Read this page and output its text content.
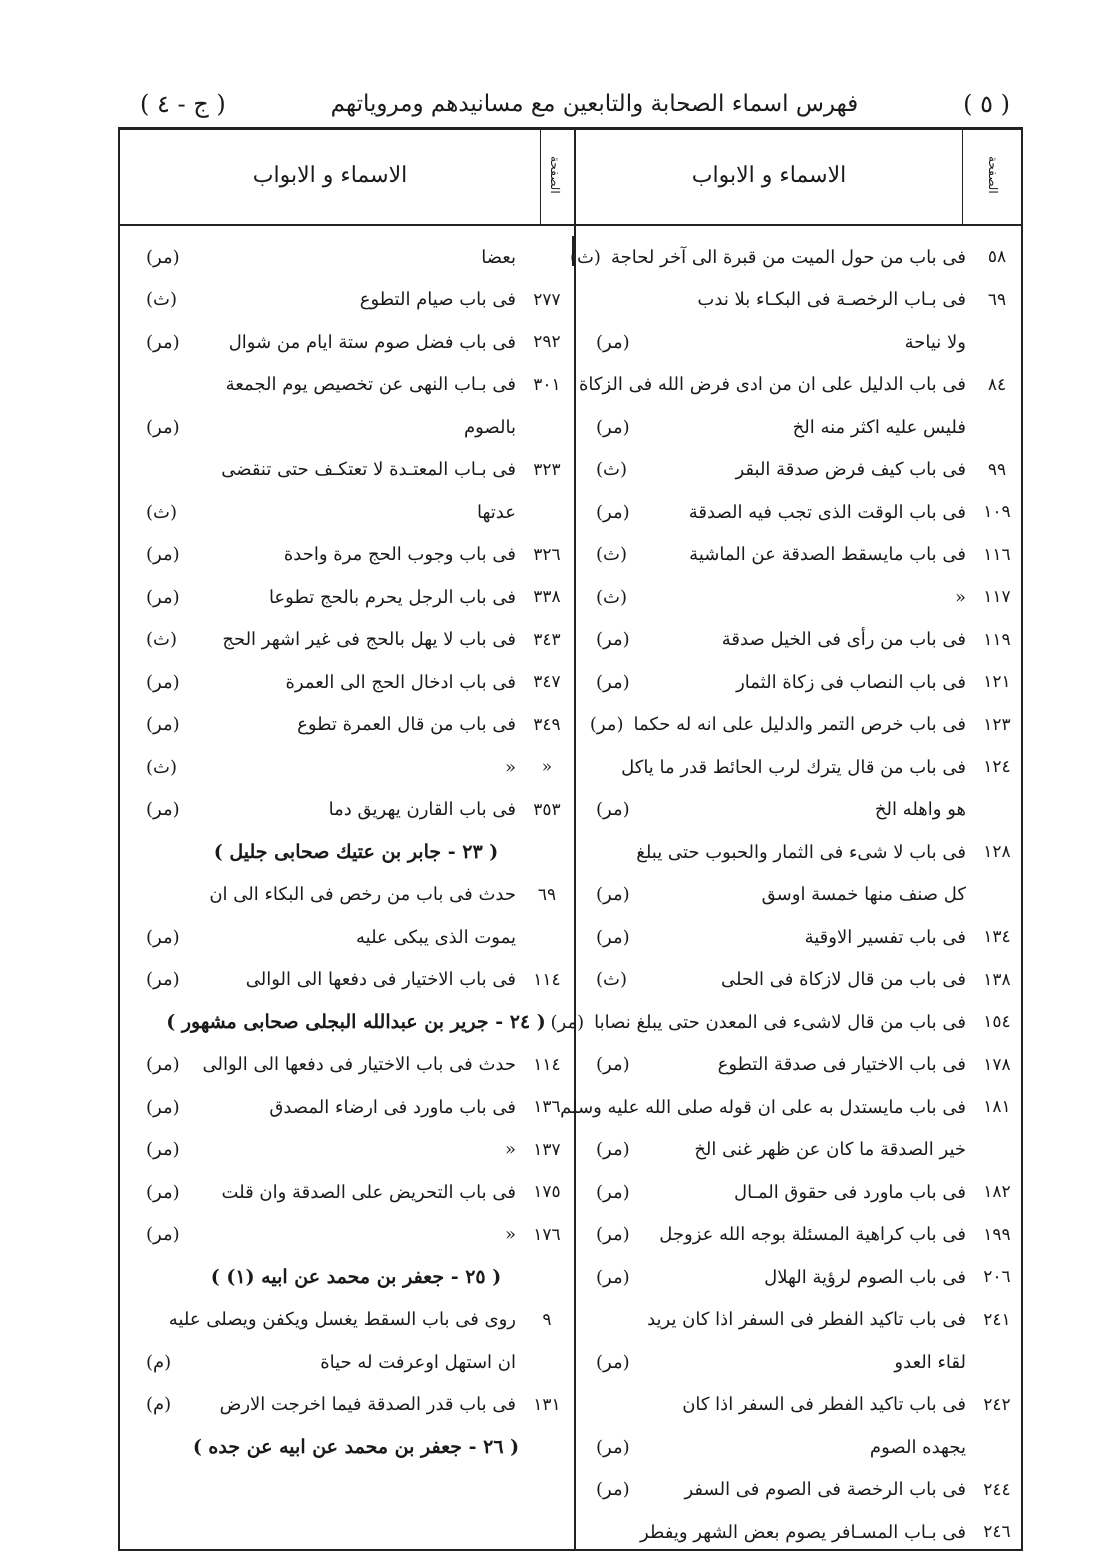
( ٥ )
فهرس اسماء الصحابة والتابعين مع مسانيدهم ومرویاتهم
( ج - ٤ )
الاسماء و الابواب	الصفحة
الاسماء و الابواب	الصفحة
٥٨
فی باب من حول المیت من قبرة الی آخر لحاجة
(ث)
٦٩
فی بـاب الرخصـة فی البكـاء بلا ندب
ولا نیاحة
(مر)
٨٤
فی باب الدلیل علی ان من ادی فرض الله فی الزكاة
فلیس علیه اكثر منه الخ
(مر)
٩٩
فی باب كیف فرض صدقة البقر
(ث)
١٠٩
فی باب الوقت الذی تجب فیه الصدقة
(مر)
١١٦
فی باب مایسقط الصدقة عن الماشیة
(ث)
١١٧
«
(ث)
١١٩
فی باب من رأی فی الخیل صدقة
(مر)
١٢١
فی باب النصاب فی زكاة الثمار
(مر)
١٢٣
فی باب خرص التمر والدلیل علی انه له حكما
(مر)
١٢٤
فی باب من قال یترك لرب الحائط قدر ما یاكل
هو واهله الخ
(مر)
١٢٨
فی باب لا شیء فی الثمار والحبوب حتی یبلغ
كل صنف منها خمسة اوسق
(مر)
١٣٤
فی باب تفسیر الاوقیة
(مر)
١٣٨
فی باب من قال لازكاة فی الحلی
(ث)
١٥٤
فی باب من قال لاشیء فی المعدن حتی یبلغ نصابا
(مر)
١٧٨
فی باب الاختیار فی صدقة التطوع
(مر)
١٨١
فی باب مایستدل به علی ان قوله صلی الله علیه وسلم
خیر الصدقة ما كان عن ظهر غنی الخ
(مر)
١٨٢
فی باب ماورد فی حقوق المـال
(مر)
١٩٩
فی باب كراهیة المسئلة بوجه الله عزوجل
(مر)
٢٠٦
فی باب الصوم لرؤیة الهلال
(مر)
٢٤١
فی باب تاكید الفطر فی السفر اذا كان یرید
لقاء العدو
(مر)
٢٤٢
فی باب تاكید الفطر فی السفر اذا كان
یجهده الصوم
(مر)
٢٤٤
فی باب الرخصة فی الصوم فی السفر
(مر)
٢٤٦
فی بـاب المسـافر یصوم بعض الشهر ویفطر
بعضا
(مر)
٢٧٧
فی باب صیام التطوع
(ث)
٢٩٢
فی باب فضل صوم ستة ایام من شوال
(مر)
٣٠١
فی بـاب النهی عن تخصیص یوم الجمعة
بالصوم
(مر)
٣٢٣
فی بـاب المعتـدة لا تعتكـف حتی تنقضی
عدتها
(ث)
٣٢٦
فی باب وجوب الحج مرة واحدة
(مر)
٣٣٨
فی باب الرجل یحرم بالحج تطوعا
(مر)
٣٤٣
فی باب لا یهل بالحج فی غیر اشهر الحج
(ث)
٣٤٧
فی باب ادخال الحج الی العمرة
(مر)
٣٤٩
فی باب من قال العمرة تطوع
(مر)
«
«
(ث)
٣٥٣
فی باب القارن یهریق دما
(مر)
( ٢٣ - جابر بن عتیك صحابی جلیل )
٦٩
حدث فی باب من رخص فی البكاء الی ان
یموت الذی یبكی علیه
(مر)
١١٤
فی باب الاختیار فی دفعها الی الوالی
(مر)
( ٢٤ - جریر بن عبدالله البجلی صحابی مشهور )
١١٤
حدث فی باب الاختیار فی دفعها الی الوالی
(مر)
١٣٦
فی باب ماورد فی ارضاء المصدق
(مر)
١٣٧
«
(مر)
١٧٥
فی باب التحریض علی الصدقة وان قلت
(مر)
١٧٦
«
(مر)
( ٢٥ - جعفر بن محمد عن ابیه (١) )
٩
روی فی باب السقط یغسل ویكفن ویصلی علیه
ان استهل اوعرفت له حیاة
(م)
١٣١
فی باب قدر الصدقة فیما اخرجت الارض
(م)
( ٢٦ - جعفر بن محمد عن ابیه عن جده )
